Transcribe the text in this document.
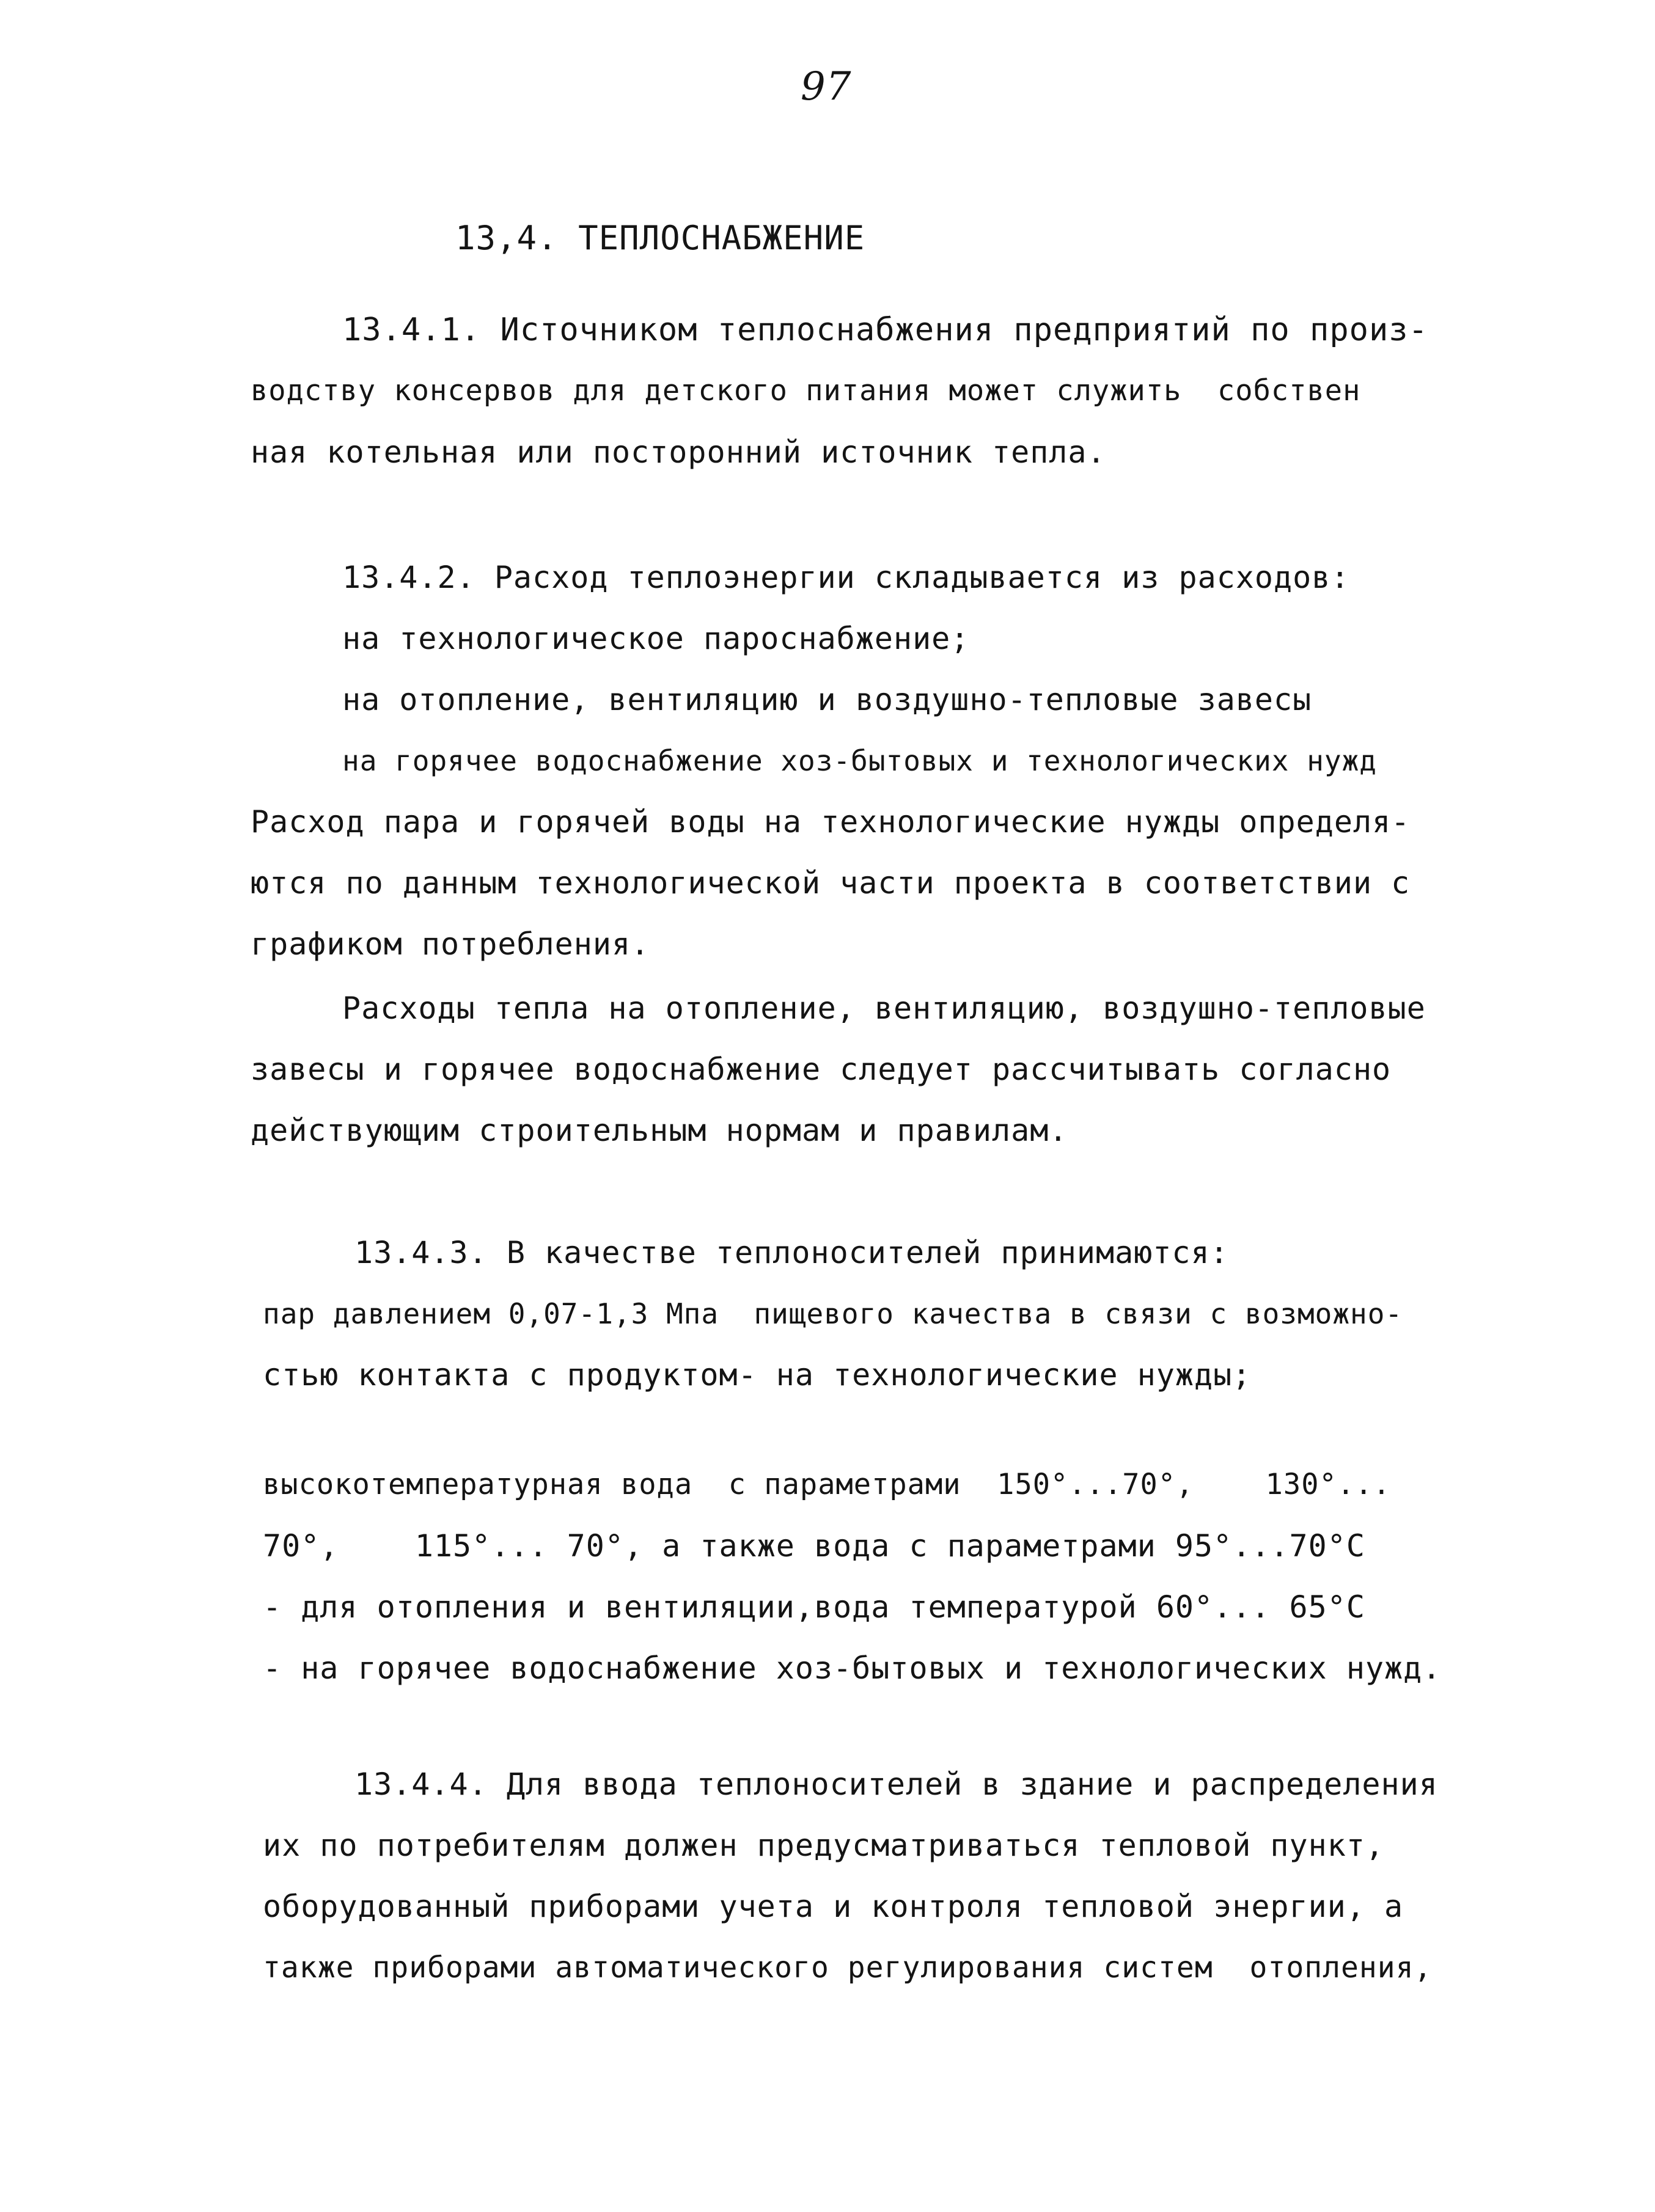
97
13,4. ТЕПЛОСНАБЖЕНИЕ
13.4.1. Источником теплоснабжения предприятий по произ-
водству консервов для детского питания может служить  собствен
ная котельная или посторонний источник тепла.
13.4.2. Расход теплоэнергии складывается из расходов:
на технологическое пароснабжение;
на отопление, вентиляцию и воздушно-тепловые завесы
на горячее водоснабжение хоз-бытовых и технологических нужд
Расход пара и горячей воды на технологические нужды определя-
ются по данным технологической части проекта в соответствии с
графиком потребления.
Расходы тепла на отопление, вентиляцию, воздушно-тепловые
завесы и горячее водоснабжение следует рассчитывать согласно
действующим строительным нормам и правилам.
13.4.3. В качестве теплоносителей принимаются:
пар давлением 0,07-1,3 Мпа  пищевого качества в связи с возможно-
стью контакта с продуктом- на технологические нужды;
высокотемпературная вода  с параметрами  150°...70°,    130°...
70°,    115°... 70°, а также вода с параметрами 95°...70°С
- для отопления и вентиляции,вода температурой 60°... 65°С
- на горячее водоснабжение хоз-бытовых и технологических нужд.
13.4.4. Для ввода теплоносителей в здание и распределения
их по потребителям должен предусматриваться тепловой пункт,
оборудованный приборами учета и контроля тепловой энергии, а
также приборами автоматического регулирования систем  отопления,
